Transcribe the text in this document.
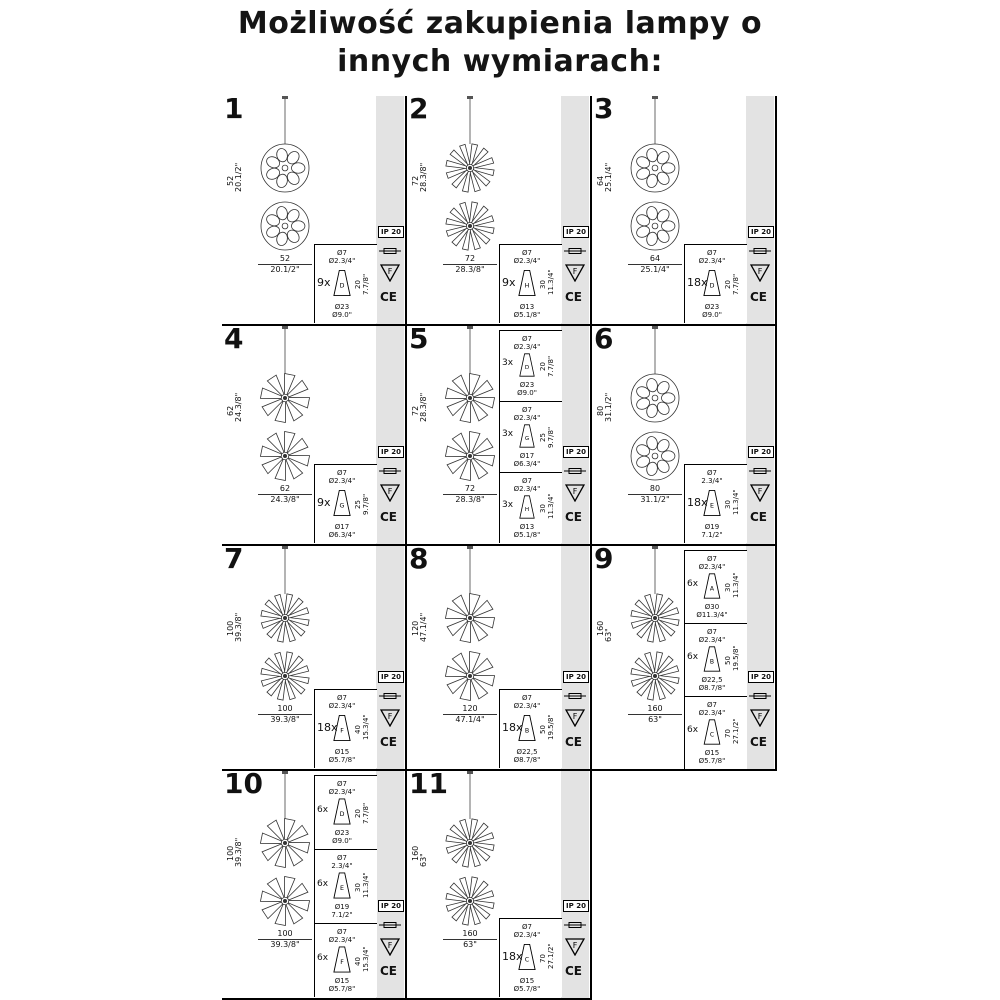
Możliwość zakupienia lampy o
innych wymiarach:
1
IP 20
F
CE
52 20.1/2"
52
20.1/2"
Ø7
Ø2.3/4"
D
9x	20 7.7/8"
Ø23
Ø9.0"
2
IP 20
F
CE
72 28.3/8"
72
28.3/8"
Ø7
Ø2.3/4"
H
9x	30 11.3/4"
Ø13
Ø5.1/8"
3
IP 20
F
CE
64 25.1/4"
64
25.1/4"
Ø7
Ø2.3/4"
D
18x 20 7.7/8"
Ø23
Ø9.0"
4
IP 20
F
CE
62 24.3/8"
62
24.3/8"
Ø7
Ø2.3/4"
G
9x	25 9.7/8"
Ø17
Ø6.3/4"
5
IP 20
F
CE
72 28.3/8"
72
28.3/8"
Ø7
Ø2.3/4"
D
3x	20 7.7/8"
Ø23
Ø9.0"
Ø7
Ø2.3/4"
G
3x	25 9.7/8"
Ø17
Ø6.3/4"
Ø7
Ø2.3/4"
H
3x	30 11.3/4"
Ø13
Ø5.1/8"
6
IP 20
F
CE
80 31.1/2"
80
31.1/2"
Ø7
2.3/4"
E
18x 30 11.3/4"
Ø19
7.1/2"
7
IP 20
F
CE
100 39.3/8"
100
39.3/8"
Ø7
Ø2.3/4"
F
18x 40 15.3/4"
Ø15
Ø5.7/8"
8
IP 20
F
CE
120 47.1/4"
120
47.1/4"
Ø7
Ø2.3/4"
B
18x 50 19.5/8"
Ø22,5
Ø8.7/8"
9
IP 20
F
CE
160 63"
160
63"
Ø7
Ø2.3/4"
A
6x	30 11.3/4"
Ø30
Ø11.3/4"
Ø7
Ø2.3/4"
B
6x	50 19.5/8"
Ø22,5
Ø8.7/8"
Ø7
Ø2.3/4"
C
6x	70 27.1/2"
Ø15
Ø5.7/8"
10
IP 20
F
CE
100 39.3/8"
100
39.3/8"
Ø7
Ø2.3/4"
D
6x	20 7.7/8"
Ø23
Ø9.0"
Ø7
2.3/4"
E
6x	30 11.3/4"
Ø19
7.1/2"
Ø7
Ø2.3/4"
F
6x	40 15.3/4"
Ø15
Ø5.7/8"
11
IP 20
F
CE
160 63"
160
63"
Ø7
Ø2.3/4"
C
18x 70 27.1/2"
Ø15
Ø5.7/8"
